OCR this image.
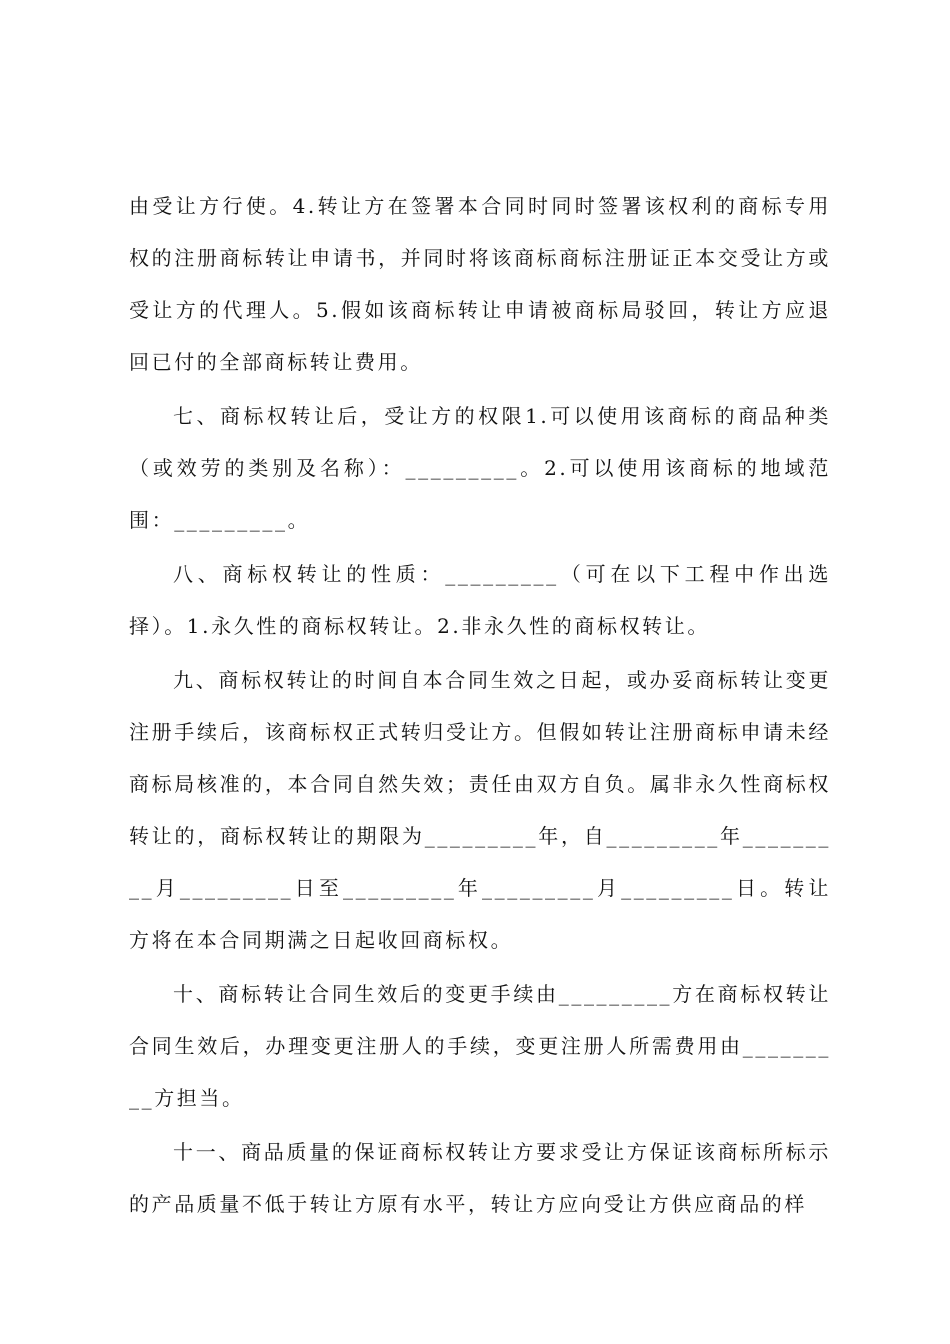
由受让方行使。4.转让方在签署本合同时同时签署该权利的商标专用权的注册商标转让申请书，并同时将该商标商标注册证正本交受让方或受让方的代理人。5.假如该商标转让申请被商标局驳回，转让方应退回已付的全部商标转让费用。

七、商标权转让后，受让方的权限1.可以使用该商标的商品种类（或效劳的类别及名称）：_________。2.可以使用该商标的地域范围：_________。

八、商标权转让的性质：_________（可在以下工程中作出选择）。1.永久性的商标权转让。2.非永久性的商标权转让。

九、商标权转让的时间自本合同生效之日起，或办妥商标转让变更注册手续后，该商标权正式转归受让方。但假如转让注册商标申请未经商标局核准的，本合同自然失效；责任由双方自负。属非永久性商标权转让的，商标权转让的期限为_________年，自_________年_________月_________日至_________年_________月_________日。转让方将在本合同期满之日起收回商标权。

十、商标转让合同生效后的变更手续由_________方在商标权转让合同生效后，办理变更注册人的手续，变更注册人所需费用由_________方担当。

十一、商品质量的保证商标权转让方要求受让方保证该商标所标示的产品质量不低于转让方原有水平，转让方应向受让方供应商品的样
